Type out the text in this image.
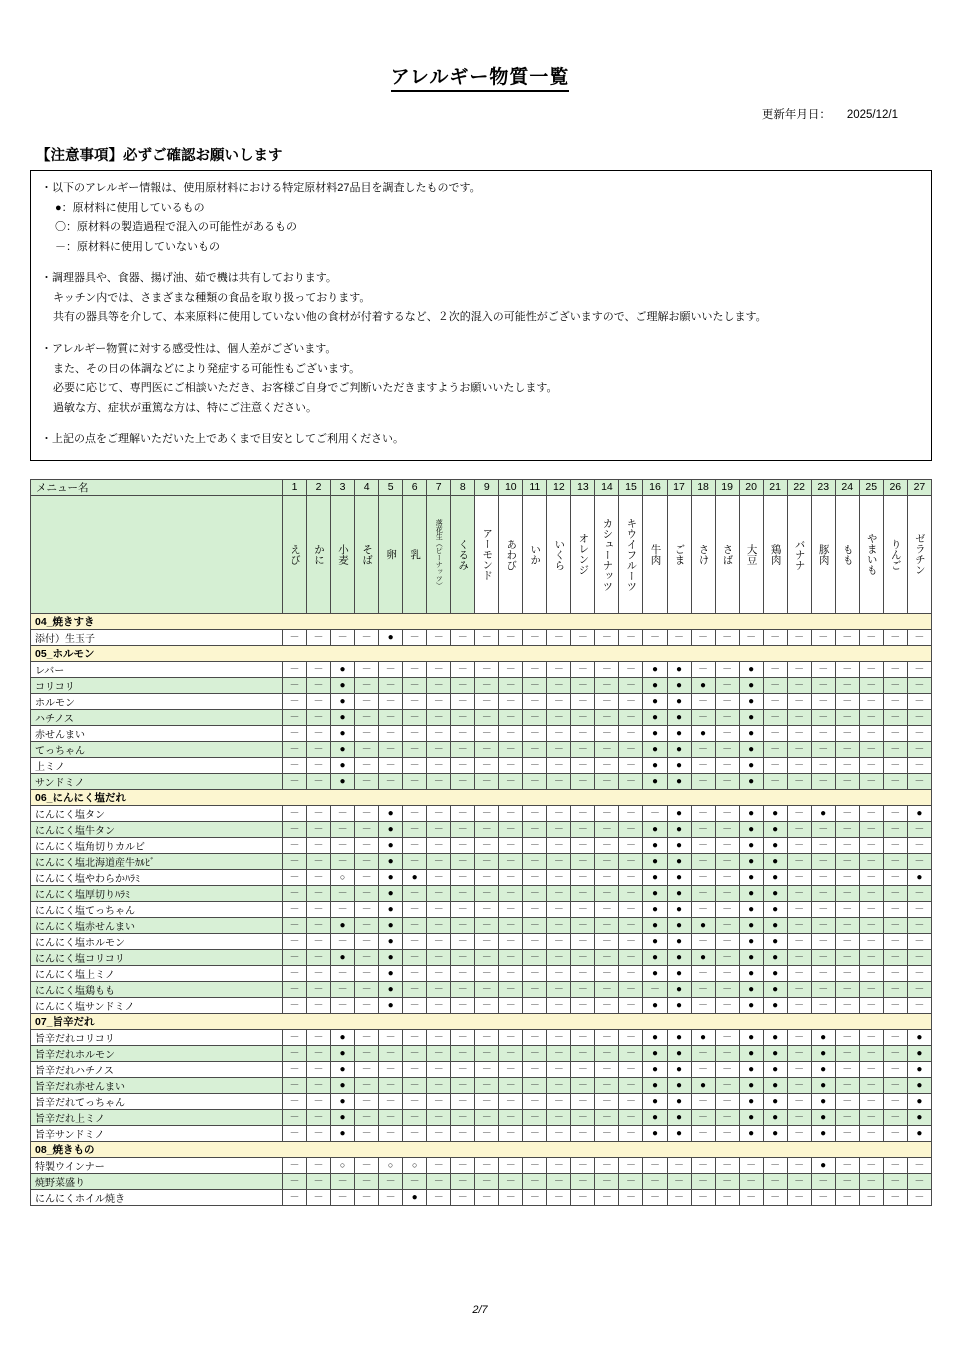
アレルギー物質一覧
更新年月日： 2025/12/1
【注意事項】必ずご確認お願いします

・以下のアレルギー情報は、使用原材料における特定原材料27品目を調査したものです。

●：原材料に使用しているもの

〇：原材料の製造過程で混入の可能性があるもの

－：原材料に使用していないもの

・調理器具や、食器、揚げ油、茹で機は共有しております。

キッチン内では、さまざまな種類の食品を取り扱っております。

共有の器具等を介して、本来原料に使用していない他の食材が付着するなど、２次的混入の可能性がございますので、ご理解お願いいたします。

・アレルギー物質に対する感受性は、個人差がございます。

また、その日の体調などにより発症する可能性もございます。

必要に応じて、専門医にご相談いただき、お客様ご自身でご判断いただきますようお願いいたします。

過敏な方、症状が重篤な方は、特にご注意ください。

・上記の点をご理解いただいた上であくまで目安としてご利用ください。

メニュー名	1	2	3	4	5	6	7	8	9	10	11	12	13	14	15	16	17	18	19	20	21	22	23	24	25	26	27

	えび	かに	小麦	そば	卵	乳	落花生（ピーナッツ）	くるみ	アーモンド	あわび	いか	いくら	オレンジ	カシューナッツ	キウイフルーツ	牛肉	ごま	さけ	さば	大豆	鶏肉	バナナ	豚肉	もも	やまいも	りんご	ゼラチン

04_焼きすき																											
添付）生玉子	－	－	－	－	●	－	－	－	－	－	－	－	－	－	－	－	－	－	－	－	－	－	－	－	－	－	－
05_ホルモン																											
レバー	－	－	●	－	－	－	－	－	－	－	－	－	－	－	－	●	●	－	－	●	－	－	－	－	－	－	－
コリコリ	－	－	●	－	－	－	－	－	－	－	－	－	－	－	－	●	●	●	－	●	－	－	－	－	－	－	－
ホルモン	－	－	●	－	－	－	－	－	－	－	－	－	－	－	－	●	●	－	－	●	－	－	－	－	－	－	－
ハチノス	－	－	●	－	－	－	－	－	－	－	－	－	－	－	－	●	●	－	－	●	－	－	－	－	－	－	－
赤せんまい	－	－	●	－	－	－	－	－	－	－	－	－	－	－	－	●	●	●	－	●	－	－	－	－	－	－	－
てっちゃん	－	－	●	－	－	－	－	－	－	－	－	－	－	－	－	●	●	－	－	●	－	－	－	－	－	－	－
上ミノ	－	－	●	－	－	－	－	－	－	－	－	－	－	－	－	●	●	－	－	●	－	－	－	－	－	－	－
サンドミノ	－	－	●	－	－	－	－	－	－	－	－	－	－	－	－	●	●	－	－	●	－	－	－	－	－	－	－
06_にんにく塩だれ																											
にんにく塩タン	－	－	－	－	●	－	－	－	－	－	－	－	－	－	－	－	●	－	－	●	●	－	●	－	－	－	●
にんにく塩牛タン	－	－	－	－	●	－	－	－	－	－	－	－	－	－	－	●	●	－	－	●	●	－	－	－	－	－	－
にんにく塩角切りカルビ	－	－	－	－	●	－	－	－	－	－	－	－	－	－	－	●	●	－	－	●	●	－	－	－	－	－	－
にんにく塩北海道産牛ｶﾙﾋﾞ	－	－	－	－	●	－	－	－	－	－	－	－	－	－	－	●	●	－	－	●	●	－	－	－	－	－	－
にんにく塩やわらかﾊﾗﾐ	－	－	○	－	●	●	－	－	－	－	－	－	－	－	－	●	●	－	－	●	●	－	－	－	－	－	●
にんにく塩厚切りﾊﾗﾐ	－	－	－	－	●	－	－	－	－	－	－	－	－	－	－	●	●	－	－	●	●	－	－	－	－	－	－
にんにく塩てっちゃん	－	－	－	－	●	－	－	－	－	－	－	－	－	－	－	●	●	－	－	●	●	－	－	－	－	－	－
にんにく塩赤せんまい	－	－	●	－	●	－	－	－	－	－	－	－	－	－	－	●	●	●	－	●	●	－	－	－	－	－	－
にんにく塩ホルモン	－	－	－	－	●	－	－	－	－	－	－	－	－	－	－	●	●	－	－	●	●	－	－	－	－	－	－
にんにく塩コリコリ	－	－	●	－	●	－	－	－	－	－	－	－	－	－	－	●	●	●	－	●	●	－	－	－	－	－	－
にんにく塩上ミノ	－	－	－	－	●	－	－	－	－	－	－	－	－	－	－	●	●	－	－	●	●	－	－	－	－	－	－
にんにく塩鶏もも	－	－	－	－	●	－	－	－	－	－	－	－	－	－	－	－	●	－	－	●	●	－	－	－	－	－	－
にんにく塩サンドミノ	－	－	－	－	●	－	－	－	－	－	－	－	－	－	－	●	●	－	－	●	●	－	－	－	－	－	－
07_旨辛だれ																											
旨辛だれコリコリ	－	－	●	－	－	－	－	－	－	－	－	－	－	－	－	●	●	●	－	●	●	－	●	－	－	－	●
旨辛だれホルモン	－	－	●	－	－	－	－	－	－	－	－	－	－	－	－	●	●	－	－	●	●	－	●	－	－	－	●
旨辛だれハチノス	－	－	●	－	－	－	－	－	－	－	－	－	－	－	－	●	●	－	－	●	●	－	●	－	－	－	●
旨辛だれ赤せんまい	－	－	●	－	－	－	－	－	－	－	－	－	－	－	－	●	●	●	－	●	●	－	●	－	－	－	●
旨辛だれてっちゃん	－	－	●	－	－	－	－	－	－	－	－	－	－	－	－	●	●	－	－	●	●	－	●	－	－	－	●
旨辛だれ上ミノ	－	－	●	－	－	－	－	－	－	－	－	－	－	－	－	●	●	－	－	●	●	－	●	－	－	－	●
旨辛サンドミノ	－	－	●	－	－	－	－	－	－	－	－	－	－	－	－	●	●	－	－	●	●	－	●	－	－	－	●
08_焼きもの																											
特製ウインナー	－	－	○	－	○	○	－	－	－	－	－	－	－	－	－	－	－	－	－	－	－	－	●	－	－	－	－
焼野菜盛り	－	－	－	－	－	－	－	－	－	－	－	－	－	－	－	－	－	－	－	－	－	－	－	－	－	－	－
にんにくホイル焼き	－	－	－	－	－	●	－	－	－	－	－	－	－	－	－	－	－	－	－	－	－	－	－	－	－	－	－
2/7
